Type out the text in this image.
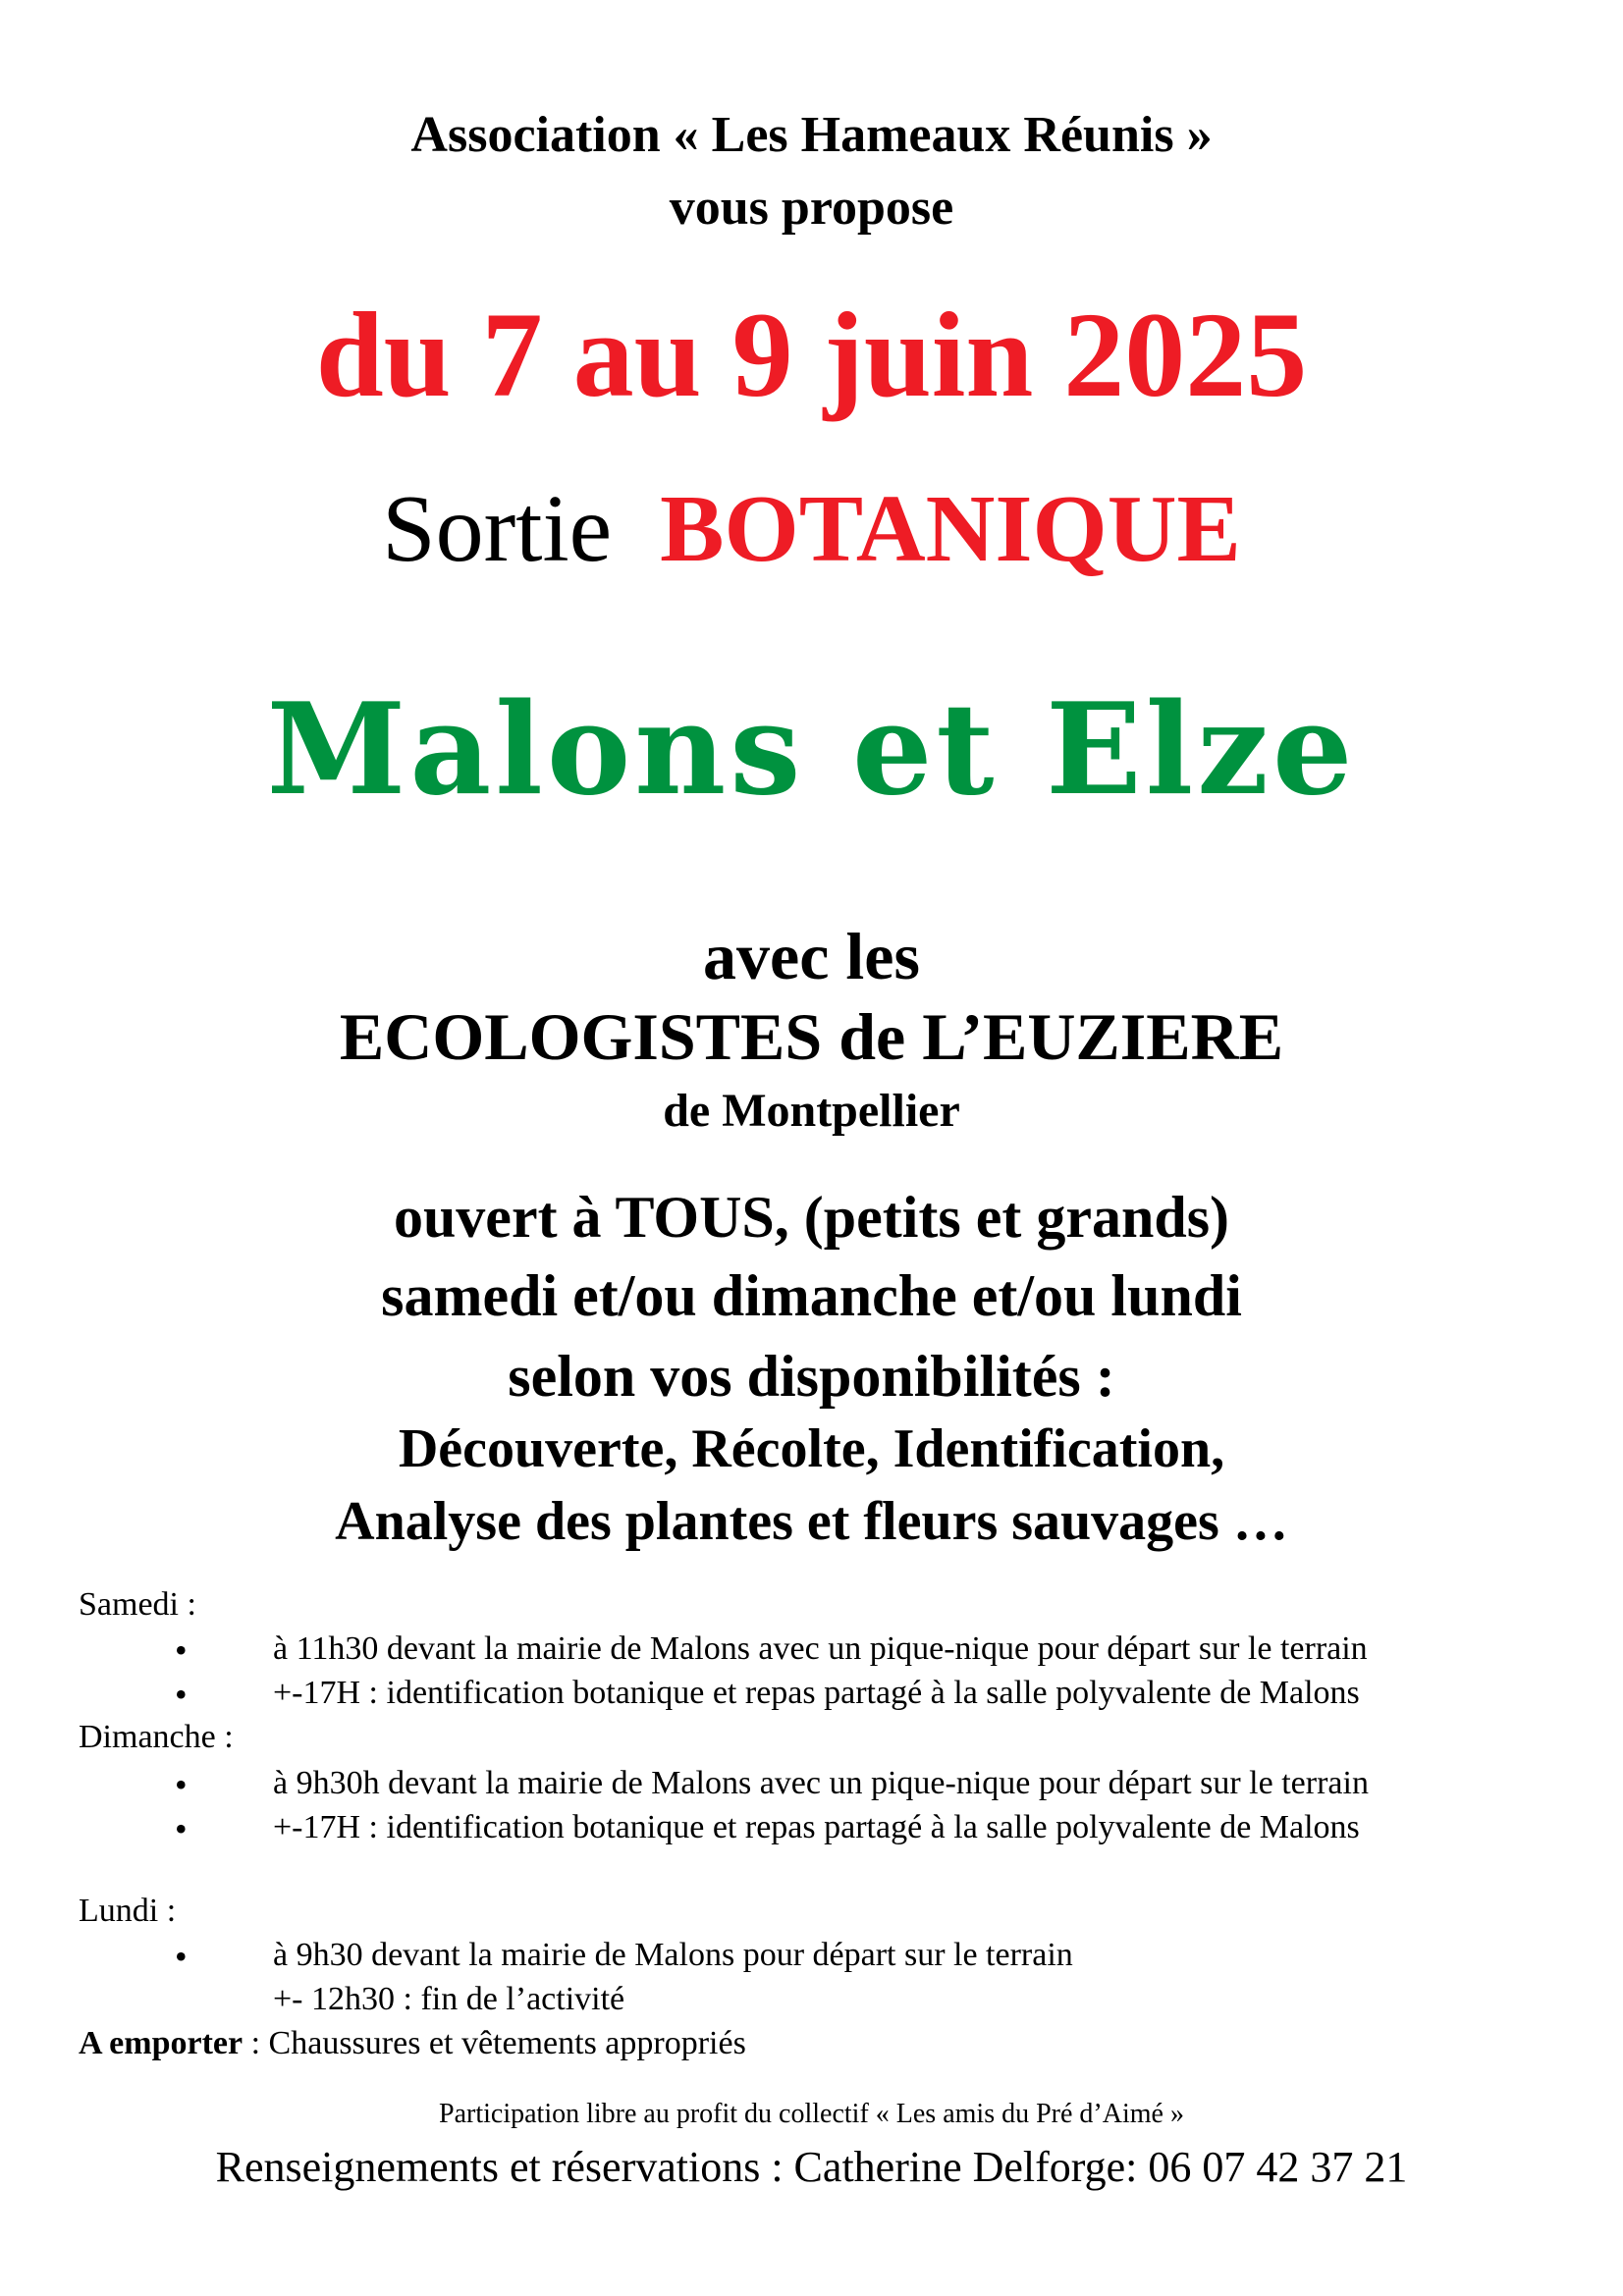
Association « Les Hameaux Réunis »
vous propose
du 7 au 9 juin 2025
Sortie BOTANIQUE
Malons et Elze
avec les
ECOLOGISTES de L’EUZIERE
de Montpellier
ouvert à TOUS, (petits et grands)
samedi et/ou dimanche et/ou lundi
selon vos disponibilités :
Découverte, Récolte, Identification,
Analyse des plantes et fleurs sauvages …
Samedi :
•	à 11h30 devant la mairie de Malons avec un pique-nique pour départ sur le terrain
•	+-17H : identification botanique et repas partagé à la salle polyvalente de Malons
Dimanche :
•	à 9h30h devant la mairie de Malons avec un pique-nique pour départ sur le terrain
•	+-17H : identification botanique et repas partagé à la salle polyvalente de Malons
Lundi :
•	à 9h30 devant la mairie de Malons pour départ sur le terrain
+- 12h30 : fin de l’activité
A emporter : Chaussures et vêtements appropriés
Participation libre au profit du collectif « Les amis du Pré d’Aimé »
Renseignements et réservations : Catherine Delforge: 06 07 42 37 21
